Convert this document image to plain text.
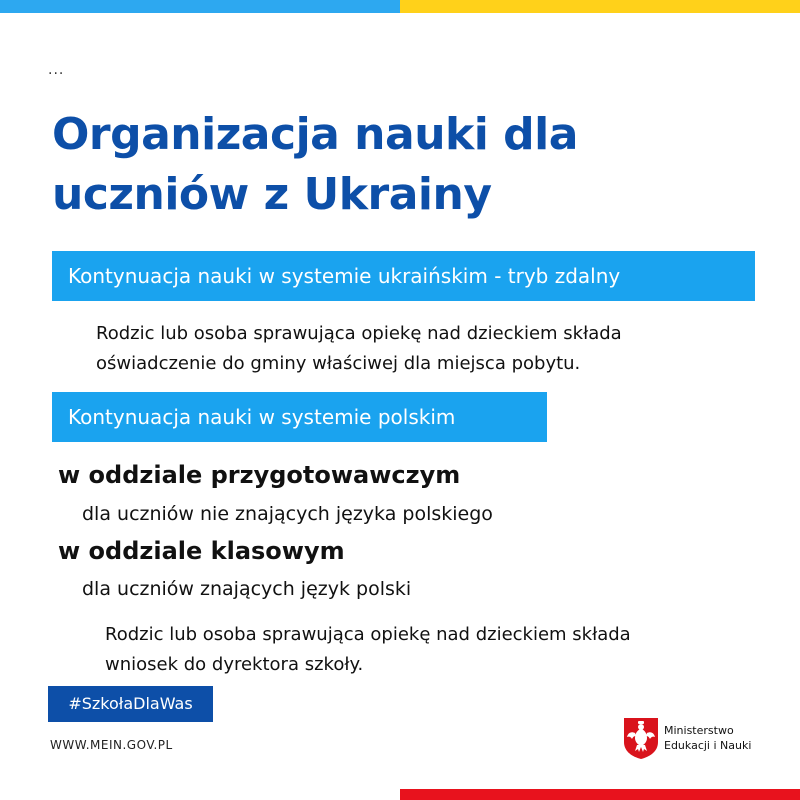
...
Organizacja nauki dla
uczniów z Ukrainy
Kontynuacja nauki w systemie ukraińskim - tryb zdalny
Rodzic lub osoba sprawująca opiekę nad dzieckiem składa
oświadczenie do gminy właściwej dla miejsca pobytu.
Kontynuacja nauki w systemie polskim
w oddziale przygotowawczym
dla uczniów nie znających języka polskiego
w oddziale klasowym
dla uczniów znających język polski
Rodzic lub osoba sprawująca opiekę nad dzieckiem składa
wniosek do dyrektora szkoły.
#SzkołaDlaWas
WWW.MEIN.GOV.PL
Ministerstwo
Edukacji i Nauki
